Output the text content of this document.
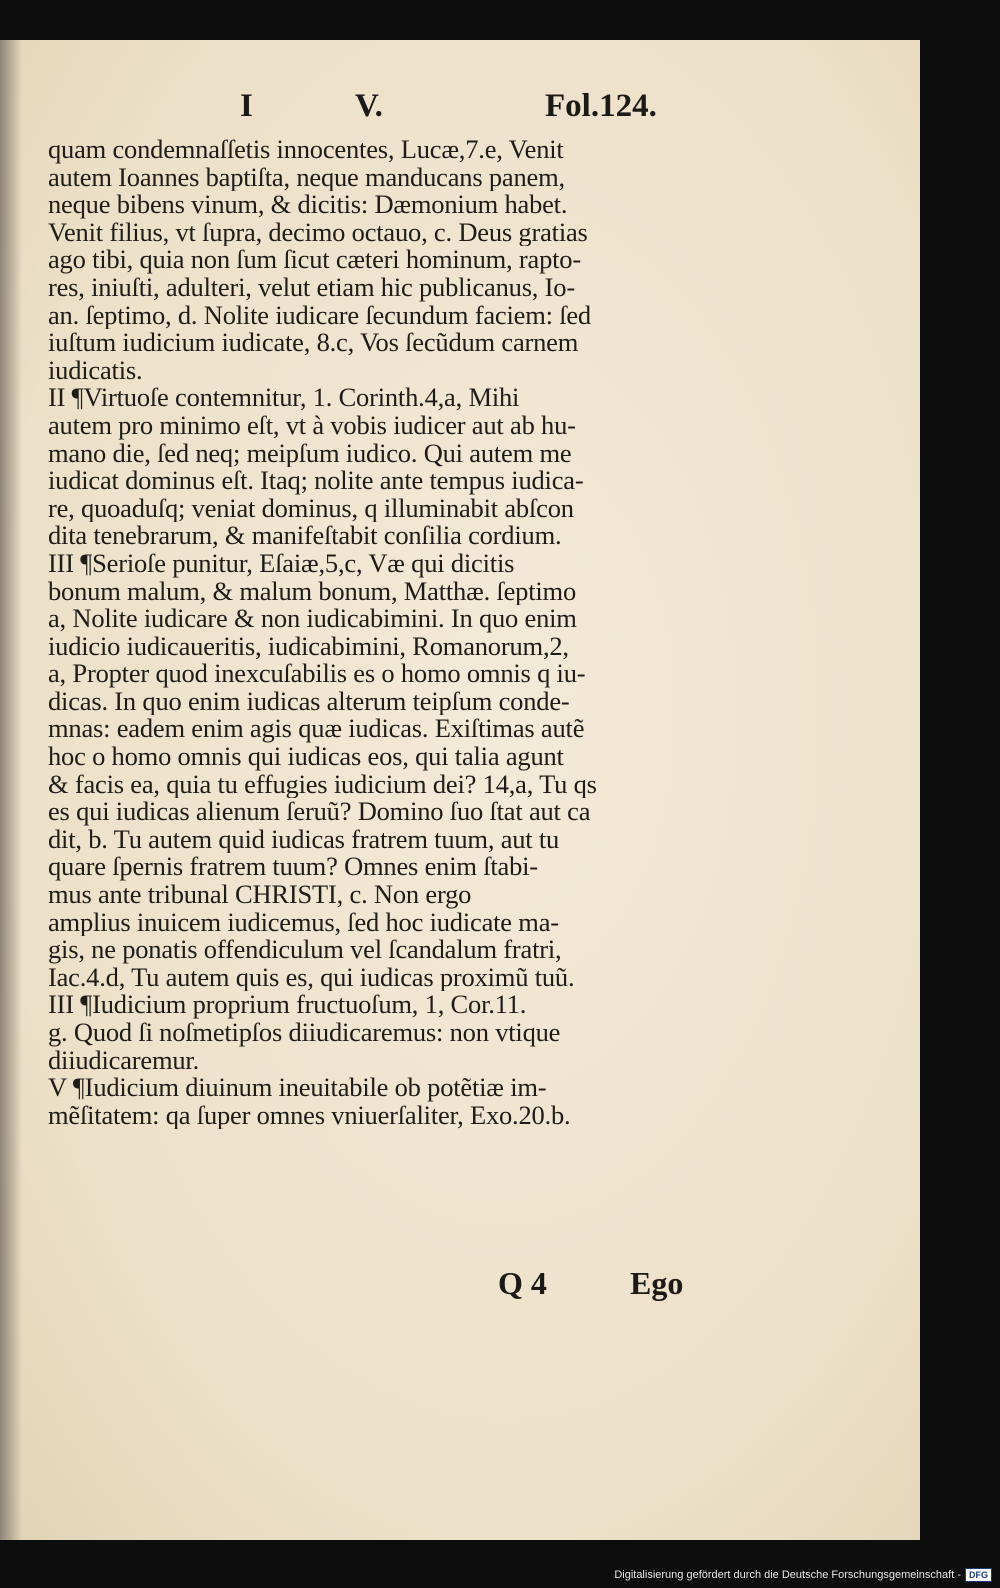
I	V.	Fol.124.
quam condemnaſſetis innocentes, Lucæ,7.e, Venit
autem Ioannes baptiſta, neque manducans panem,
neque bibens vinum, & dicitis: Dæmonium habet.
Venit filius, vt ſupra, decimo octauo, c. Deus gratias
ago tibi, quia non ſum ſicut cæteri hominum, rapto-
res, iniuſti, adulteri, velut etiam hic publicanus, Io-
an. ſeptimo, d. Nolite iudicare ſecundum faciem: ſed
iuſtum iudicium iudicate, 8.c, Vos ſecũdum carnem
iudicatis.
II ¶Virtuoſe contemnitur, 1. Corinth.4,a, Mihi
autem pro minimo eſt, vt à vobis iudicer aut ab hu-
mano die, ſed neq; meipſum iudico. Qui autem me
iudicat dominus eſt. Itaq; nolite ante tempus iudica-
re, quoaduſq; veniat dominus, q illuminabit abſcon
dita tenebrarum, & manifeſtabit conſilia cordium.
III ¶Serioſe punitur, Eſaiæ,5,c, Væ qui dicitis
bonum malum, & malum bonum, Matthæ. ſeptimo
a, Nolite iudicare & non iudicabimini. In quo enim
iudicio iudicaueritis, iudicabimini, Romanorum,2,
a, Propter quod inexcuſabilis es o homo omnis q iu-
dicas. In quo enim iudicas alterum teipſum conde-
mnas: eadem enim agis quæ iudicas. Exiſtimas autẽ
hoc o homo omnis qui iudicas eos, qui talia agunt
& facis ea, quia tu effugies iudicium dei? 14,a, Tu qs
es qui iudicas alienum ſeruũ? Domino ſuo ſtat aut ca
dit, b. Tu autem quid iudicas fratrem tuum, aut tu
quare ſpernis fratrem tuum? Omnes enim ſtabi-
mus ante tribunal CHRISTI, c. Non ergo
amplius inuicem iudicemus, ſed hoc iudicate ma-
gis, ne ponatis offendiculum vel ſcandalum fratri,
Iac.4.d, Tu autem quis es, qui iudicas proximũ tuũ.
III ¶Iudicium proprium fructuoſum, 1, Cor.11.
g. Quod ſi noſmetipſos diiudicaremus: non vtique
diiudicaremur.
V ¶Iudicium diuinum ineuitabile ob potẽtiæ im-
mẽſitatem: qa ſuper omnes vniuerſaliter, Exo.20.b.
Q 4	Ego
Digitalisierung gefördert durch die Deutsche Forschungsgemeinschaft - DFG
